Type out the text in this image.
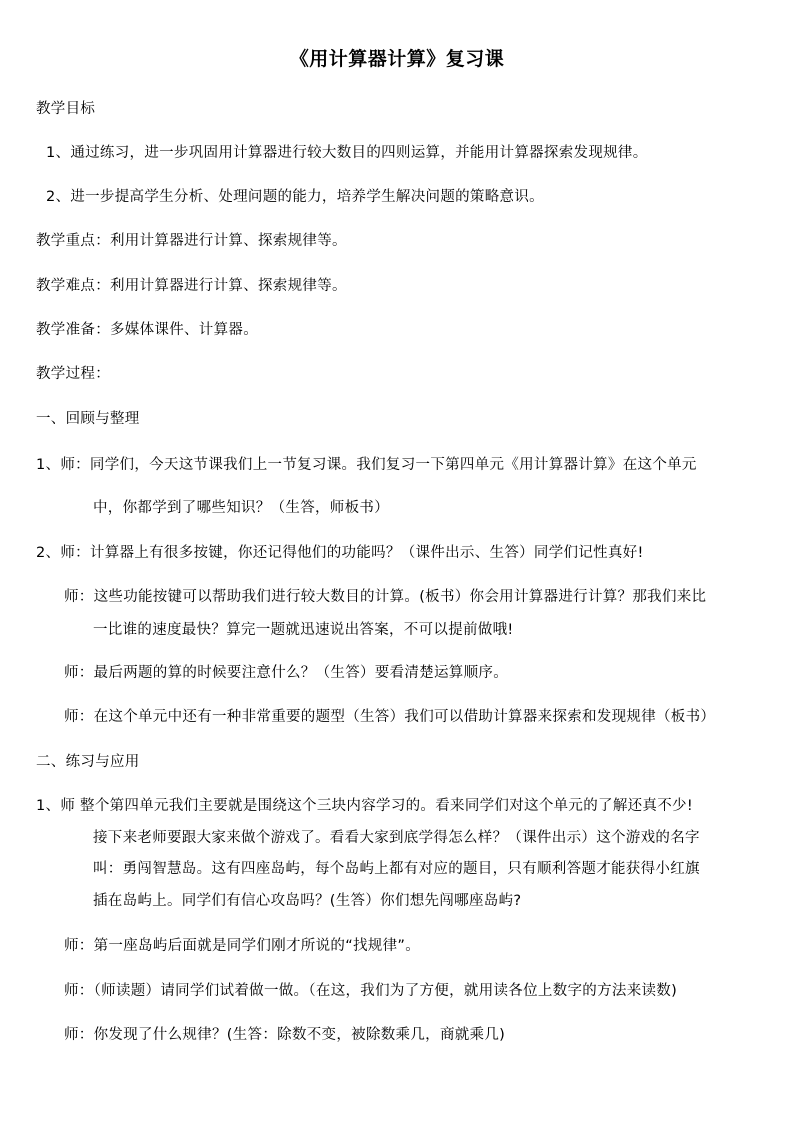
《用计算器计算》复习课
教学目标
1、通过练习，进一步巩固用计算器进行较大数目的四则运算，并能用计算器探索发现规律。
2、进一步提高学生分析、处理问题的能力，培养学生解决问题的策略意识。
教学重点：利用计算器进行计算、探索规律等。
教学难点：利用计算器进行计算、探索规律等。
教学准备：多媒体课件、计算器。
教学过程：
一、回顾与整理
1、师：同学们，今天这节课我们上一节复习课。我们复习一下第四单元《用计算器计算》在这个单元
中，你都学到了哪些知识？（生答，师板书）
2、师：计算器上有很多按键，你还记得他们的功能吗？（课件出示、生答）同学们记性真好!
师：这些功能按键可以帮助我们进行较大数目的计算。(板书）你会用计算器进行计算？那我们来比
一比谁的速度最快？算完一题就迅速说出答案，不可以提前做哦!
师：最后两题的算的时候要注意什么？（生答）要看清楚运算顺序。
师：在这个单元中还有一种非常重要的题型（生答）我们可以借助计算器来探索和发现规律（板书）
二、练习与应用
1、师 整个第四单元我们主要就是围绕这个三块内容学习的。看来同学们对这个单元的了解还真不少!
接下来老师要跟大家来做个游戏了。看看大家到底学得怎么样？（课件出示）这个游戏的名字
叫：勇闯智慧岛。这有四座岛屿，每个岛屿上都有对应的题目，只有顺利答题才能获得小红旗
插在岛屿上。同学们有信心攻岛吗？(生答）你们想先闯哪座岛屿?
师：第一座岛屿后面就是同学们刚才所说的“找规律”。
师：（师读题）请同学们试着做一做。（在这，我们为了方便，就用读各位上数字的方法来读数)
师：你发现了什么规律？(生答：除数不变，被除数乘几，商就乘几)
